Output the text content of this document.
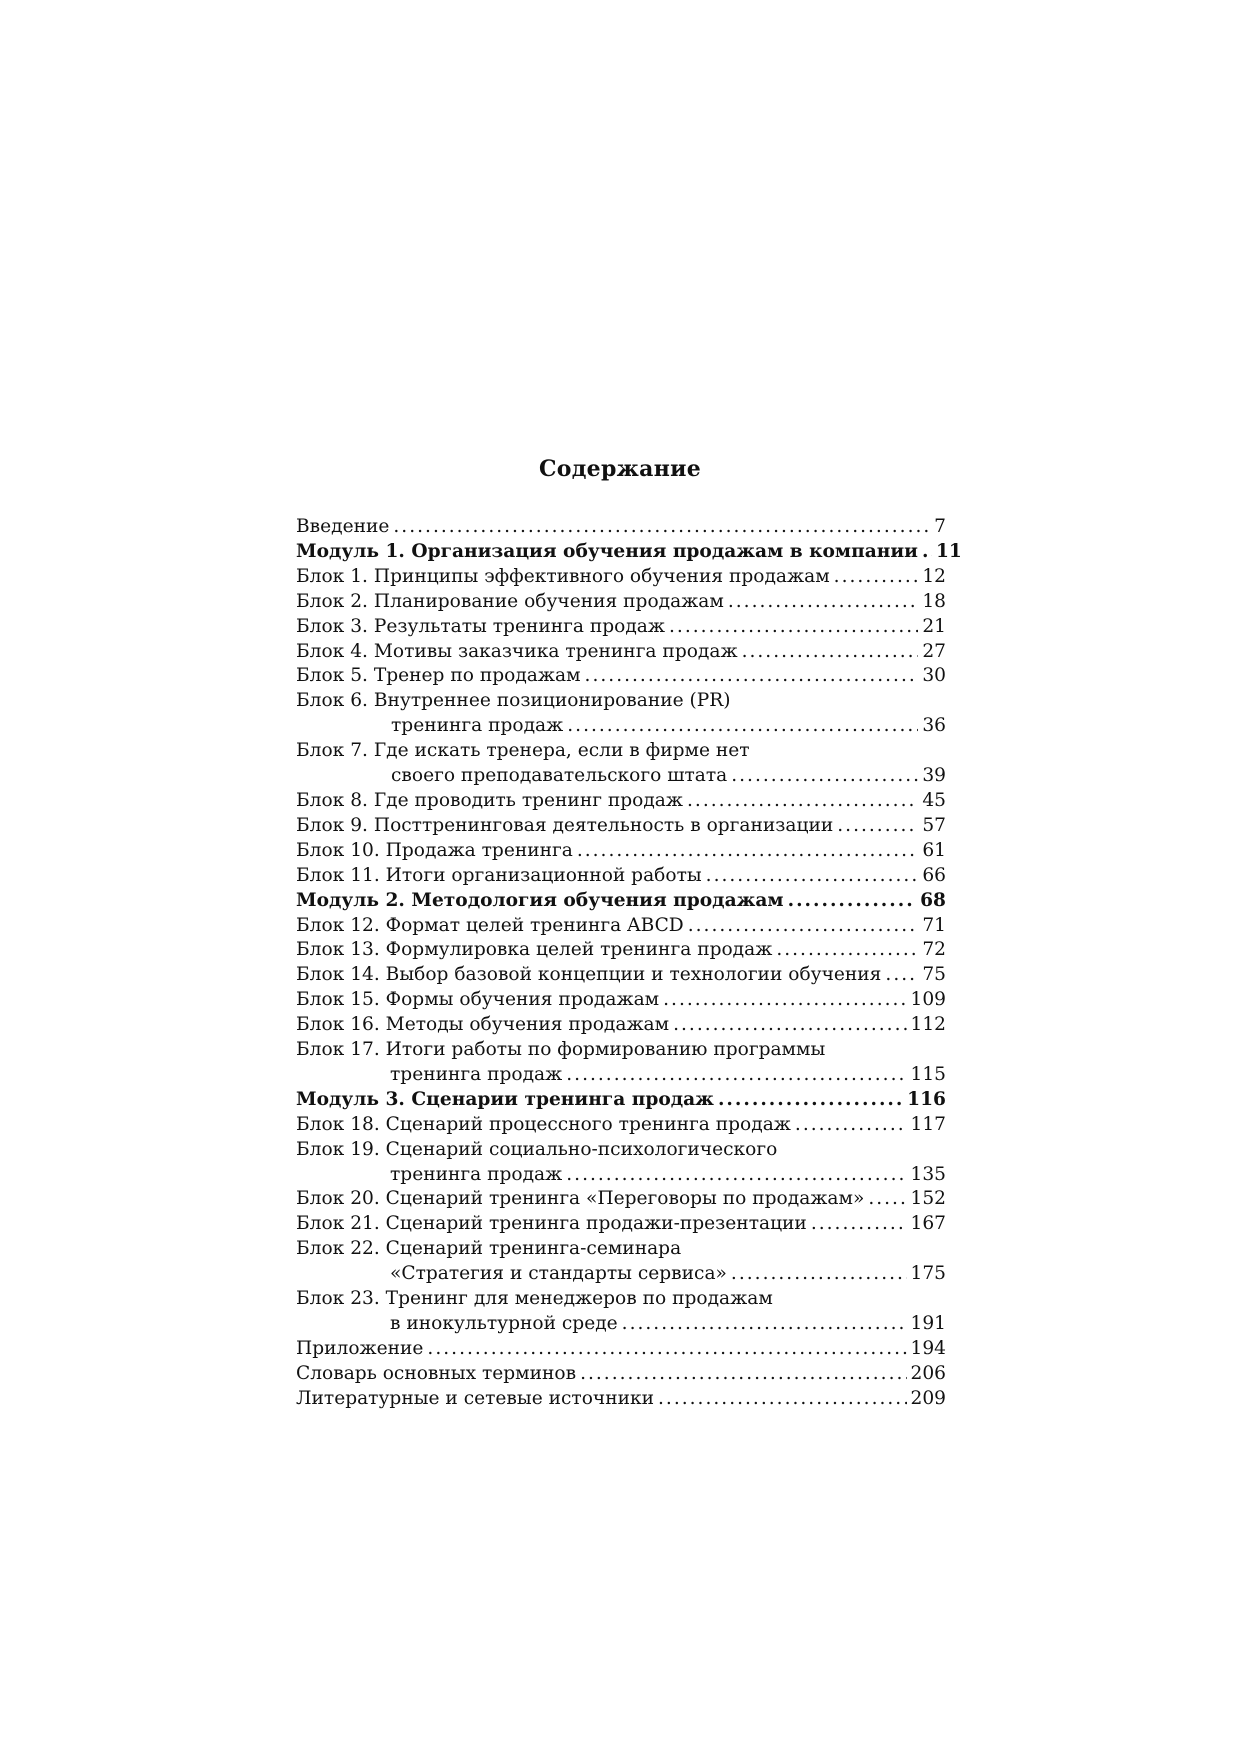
Содержание
Введение .....	7
Модуль 1. Организация обучения продажам в компании ..... 11
Блок 1. Принципы эффективного обучения продажам .....	12
Блок 2. Планирование обучения продажам .....	18
Блок 3. Результаты тренинга продаж .....	21
Блок 4. Мотивы заказчика тренинга продаж .....	27
Блок 5. Тренер по продажам .....	30
Блок 6. Внутреннее позиционирование (PR)
тренинга продаж .....	36
Блок 7. Где искать тренера, если в фирме нет
своего преподавательского штата .....	39
Блок 8. Где проводить тренинг продаж .....	45
Блок 9. Посттренинговая деятельность в организации .....	57
Блок 10. Продажа тренинга .....	61
Блок 11. Итоги организационной работы .....	66
Модуль 2. Методология обучения продажам .....	68
Блок 12. Формат целей тренинга ABCD .....	71
Блок 13. Формулировка целей тренинга продаж .....	72
Блок 14. Выбор базовой концепции и технологии обучения ..... 75
Блок 15. Формы обучения продажам .....	109
Блок 16. Методы обучения продажам .....	112
Блок 17. Итоги работы по формированию программы
тренинга продаж .....	115
Модуль 3. Сценарии тренинга продаж .....	116
Блок 18. Сценарий процессного тренинга продаж .....	117
Блок 19. Сценарий социально-психологического
тренинга продаж .....	135
Блок 20. Сценарий тренинга «Переговоры по продажам» ..... 152
Блок 21. Сценарий тренинга продажи-презентации .....	167
Блок 22. Сценарий тренинга-семинара
«Стратегия и стандарты сервиса» .....	175
Блок 23. Тренинг для менеджеров по продажам
в инокультурной среде .....	191
Приложение .....	194
Словарь основных терминов .....	206
Литературные и сетевые источники .....	209
